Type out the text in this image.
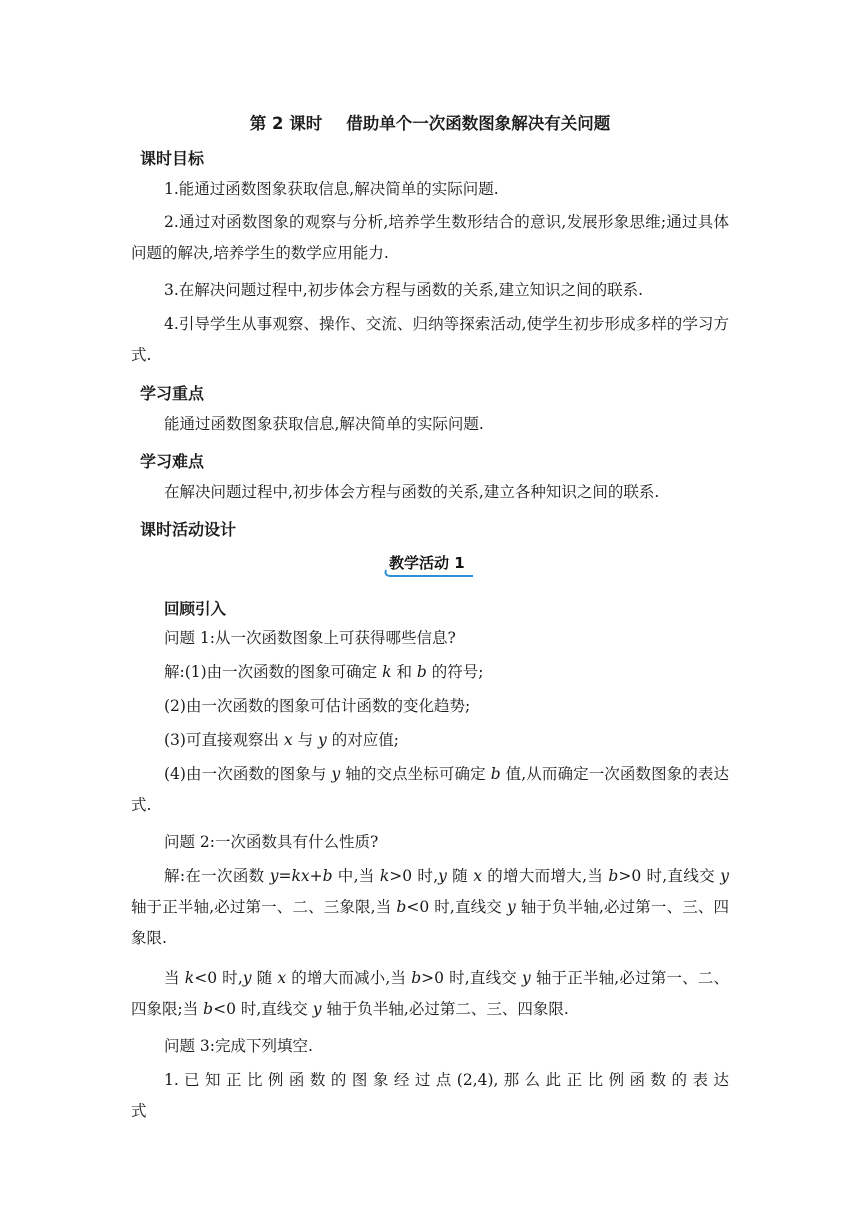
第 2 课时 借助单个一次函数图象解决有关问题
课时目标
1.能通过函数图象获取信息,解决简单的实际问题.
2.通过对函数图象的观察与分析,培养学生数形结合的意识,发展形象思维;通过具体问题的解决,培养学生的数学应用能力.
3.在解决问题过程中,初步体会方程与函数的关系,建立知识之间的联系.
4.引导学生从事观察、操作、交流、归纳等探索活动,使学生初步形成多样的学习方式.
学习重点
能通过函数图象获取信息,解决简单的实际问题.
学习难点
在解决问题过程中,初步体会方程与函数的关系,建立各种知识之间的联系.
课时活动设计
教学活动 1
回顾引入
问题 1:从一次函数图象上可获得哪些信息?
解:(1)由一次函数的图象可确定 k 和 b 的符号;
(2)由一次函数的图象可估计函数的变化趋势;
(3)可直接观察出 x 与 y 的对应值;
(4)由一次函数的图象与 y 轴的交点坐标可确定 b 值,从而确定一次函数图象的表达式.
问题 2:一次函数具有什么性质?
解:在一次函数 y=kx+b 中,当 k>0 时,y 随 x 的增大而增大,当 b>0 时,直线交 y 轴于正半轴,必过第一、二、三象限,当 b<0 时,直线交 y 轴于负半轴,必过第一、三、四象限.
当 k<0 时,y 随 x 的增大而减小,当 b>0 时,直线交 y 轴于正半轴,必过第一、二、四象限;当 b<0 时,直线交 y 轴于负半轴,必过第二、三、四象限.
问题 3:完成下列填空.
1. 已 知 正 比 例 函 数 的 图 象 经 过 点 (2,4), 那 么 此 正 比 例 函 数 的 表 达 式
